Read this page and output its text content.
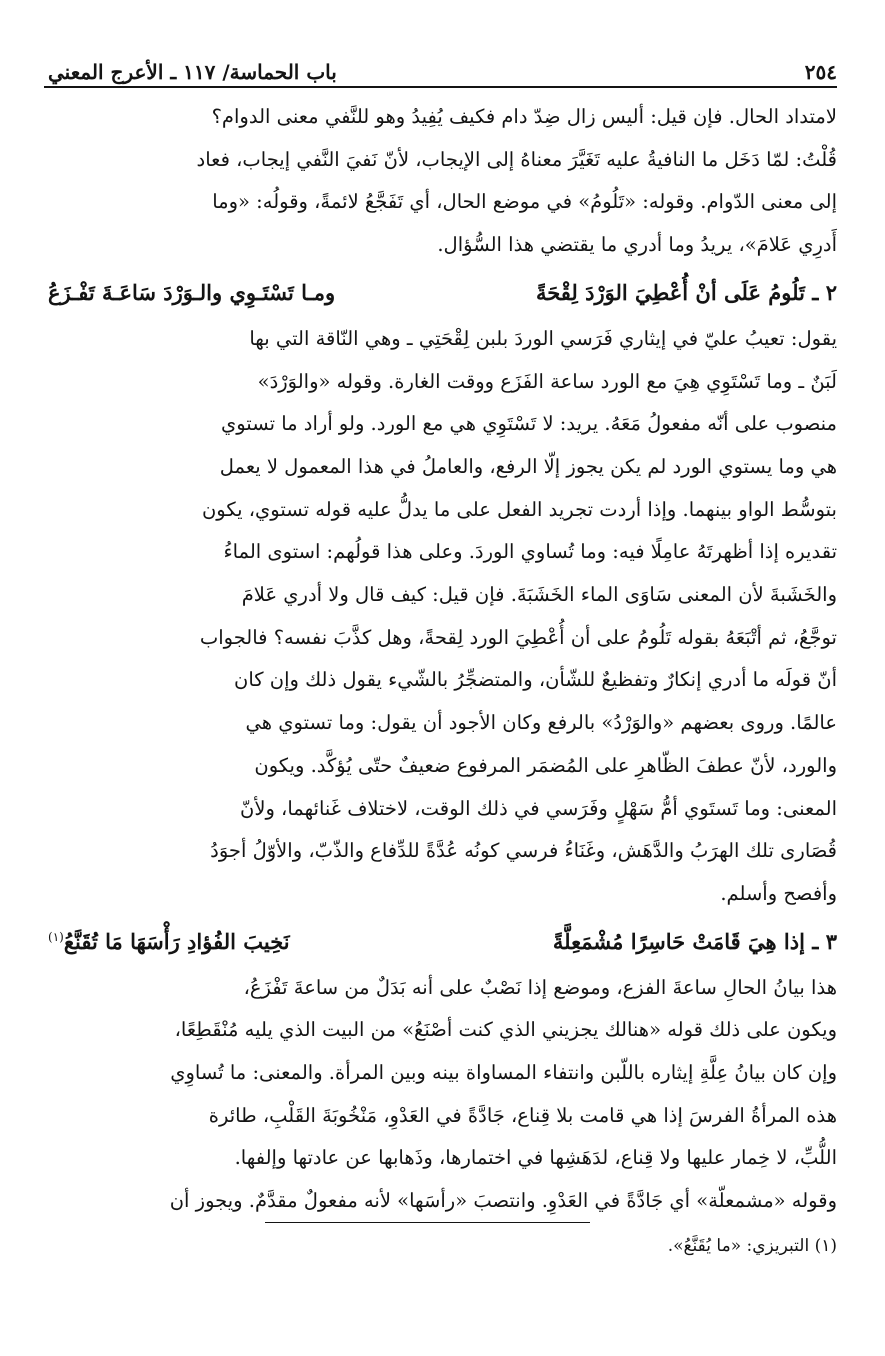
٢٥٤
باب الحماسة/ ١١٧ ـ الأعرج المعني

لامتداد الحال. فإن قيل: أليس زال ضِدّ دام فكيف يُفِيدُ وهو للنَّفي معنى الدوام؟

قُلْتُ: لمّا دَخَل ما النافيةُ عليه تَغَيَّرَ معناهُ إلى الإيجاب، لأنّ نَفيَ النَّفي إيجاب، فعاد

إلى معنى الدّوام. وقوله: «تَلُومُ» في موضع الحال، أي تَفَجَّعُ لائمةً، وقولُه: «وما

أَدرِي عَلامَ»، يريدُ وما أدري ما يقتضي هذا السُّؤال.

٢ ـ تَلُومُ عَلَى أنْ أُعْطِيَ الوَرْدَ لِقْحَةً
ومـا تَسْتَـوِي والـوَرْدَ سَاعَـةَ تَفْـزَعُ

يقول: تعيبُ عليّ في إيثاري فَرَسي الوردَ بلبن لِقْحَتِي ـ وهي النّاقة التي بها

لَبَنٌ ـ وما تَسْتَوِي هِيَ مع الورد ساعة الفَزَع ووقت الغارة. وقوله «والوَرْدَ»

منصوب على أنّه مفعولُ مَعَهُ. يريد: لا تَسْتَوِي هي مع الورد. ولو أراد ما تستوي

هي وما يستوي الورد لم يكن يجوز إلّا الرفع، والعاملُ في هذا المعمول لا يعمل

بتوسُّط الواو بينهما. وإذا أردت تجريد الفعل على ما يدلُّ عليه قوله تستوي، يكون

تقديره إذا أظهرتَهُ عامِلًا فيه: وما تُساوي الوردَ. وعلى هذا قولُهم: استوى الماءُ

والخَشَبةَ لأن المعنى سَاوَى الماء الخَشَبَةَ. فإن قيل: كيف قال ولا أدري عَلامَ

توجَّعُ، ثم أتْبَعَهُ بقوله تَلُومُ على أن أُعْطِيَ الورد لِقحةً، وهل كذَّبَ نفسه؟ فالجواب

أنّ قولَه ما أدري إنكارٌ وتفظيعٌ للشّأن، والمتضجِّرُ بالشّيء يقول ذلك وإن كان

عالمًا. وروى بعضهم «والوَرْدُ» بالرفع وكان الأجود أن يقول: وما تستوي هي

والورد، لأنّ عطفَ الظّاهرِ على المُضمَر المرفوع ضعيفٌ حتّى يُؤكَّد. ويكون

المعنى: وما تَستَوي أمُّ سَهْلٍ وفَرَسي في ذلك الوقت، لاختلاف غَنائهما، ولأنّ

قُصَارى تلك الهرَبُ والدَّهَش، وغَنَاءُ فرسي كونُه عُدَّةً للدِّفاع والذّبّ، والأوّلُ أجوَدُ

وأفصح وأسلم.

٣ ـ إذا هِيَ قَامَتْ حَاسِرًا مُشْمَعِلَّةً
نَخِيبَ الفُؤادِ رَأْسَهَا مَا تُقَنَّعُ$^{(١)}$

هذا بيانُ الحالِ ساعةَ الفزع، وموضع إذا نَصْبٌ على أنه بَدَلٌ من ساعةَ تَفْزَعُ،

ويكون على ذلك قوله «هنالك يجزيني الذي كنت أصْنَعُ» من البيت الذي يليه مُنْقَطِعًا،

وإن كان بيانُ عِلَّةِ إيثاره باللّبن وانتفاء المساواة بينه وبين المرأة. والمعنى: ما تُساوِي

هذه المرأةُ الفرسَ إذا هي قامت بلا قِناع، جَادَّةً في العَدْوِ، مَنْخُوبَةَ القَلْبِ، طائرة

اللُّبِّ، لا خِمار عليها ولا قِناع، لدَهَشِها في اختمارها، وذَهابها عن عادتها وإلفها.

وقوله «مشمعلّة» أي جَادَّةً في العَدْوِ. وانتصبَ «رأسَها» لأنه مفعولٌ مقدَّمٌ. ويجوز أن

(١) التبريزي: «ما يُقَنَّعُ».
